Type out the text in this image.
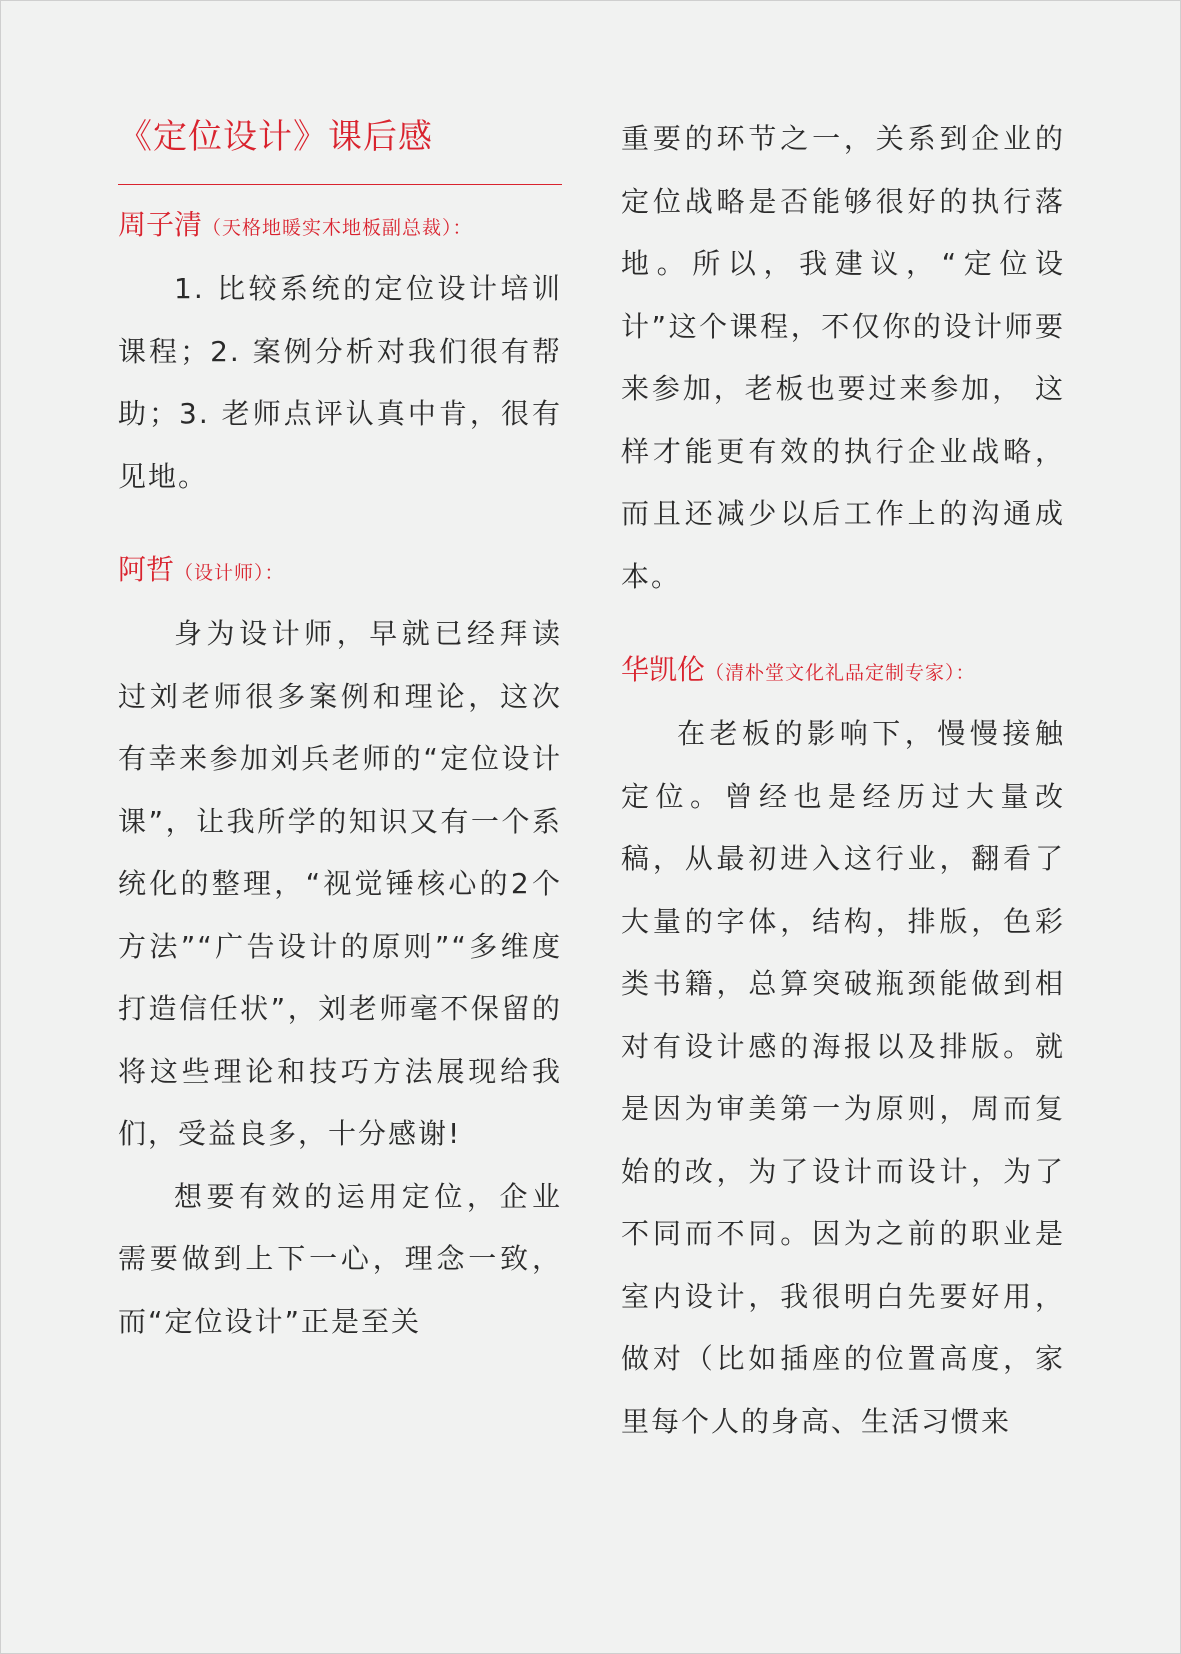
《定位设计》课后感
周子清（天格地暖实木地板副总裁）：

1. 比较系统的定位设计培训课程；2. 案例分析对我们很有帮助；3. 老师点评认真中肯，很有见地。

阿哲（设计师）：

身为设计师，早就已经拜读过刘老师很多案例和理论，这次有幸来参加刘兵老师的“定位设计课”，让我所学的知识又有一个系统化的整理，“视觉锤核心的2个方法”“广告设计的原则”“多维度打造信任状”，刘老师毫不保留的将这些理论和技巧方法展现给我们，受益良多，十分感谢!

想要有效的运用定位，企业需要做到上下一心，理念一致，而“定位设计”正是至关

重要的环节之一，关系到企业的定位战略是否能够很好的执行落地。所以，我建议，“定位设计”这个课程，不仅你的设计师要来参加，老板也要过来参加， 这样才能更有效的执行企业战略，而且还减少以后工作上的沟通成本。

华凯伦（清朴堂文化礼品定制专家）：

在老板的影响下，慢慢接触定位。曾经也是经历过大量改稿，从最初进入这行业，翻看了大量的字体，结构，排版，色彩类书籍，总算突破瓶颈能做到相对有设计感的海报以及排版。就是因为审美第一为原则，周而复始的改，为了设计而设计，为了不同而不同。因为之前的职业是室内设计，我很明白先要好用，做对（比如插座的位置高度，家里每个人的身高、生活习惯来
